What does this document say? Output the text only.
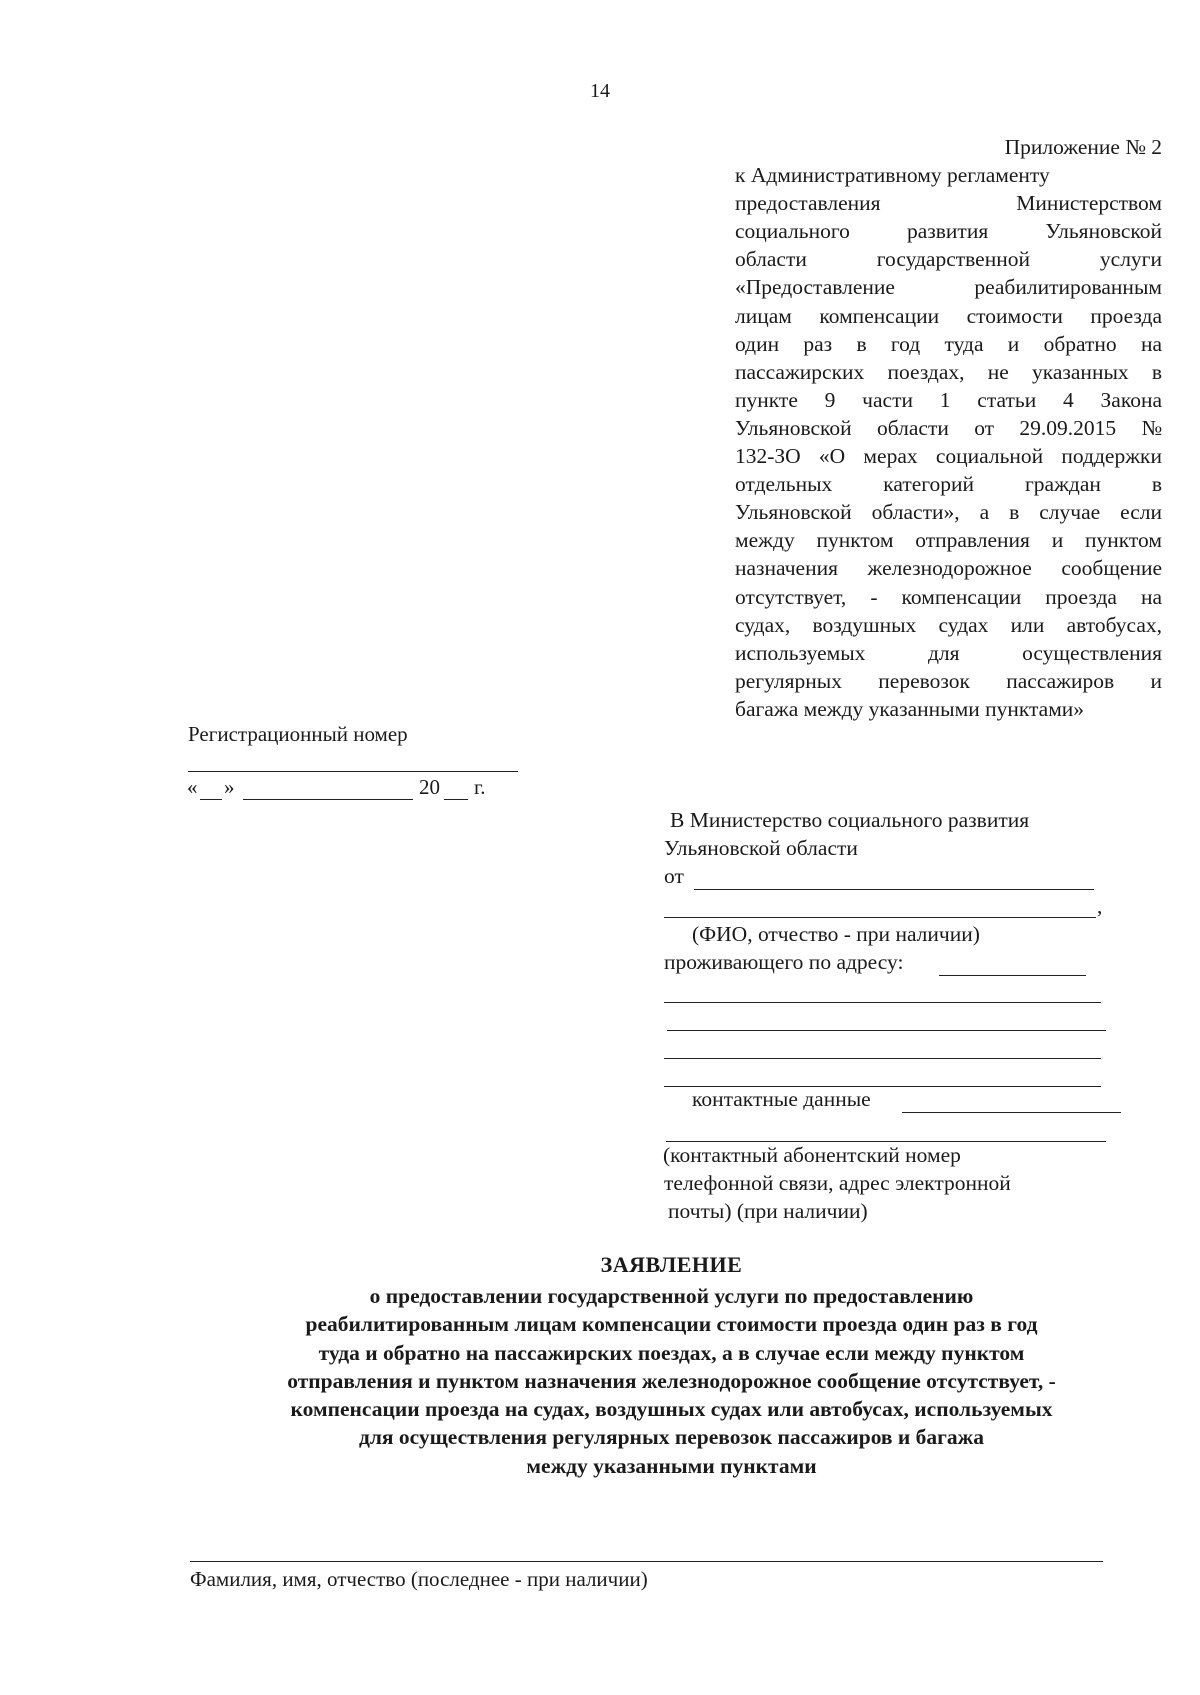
14
Приложение № 2
к Административному регламенту
предоставления Министерством
социального развития Ульяновской
области государственной услуги
«Предоставление реабилитированным
лицам компенсации стоимости проезда
один раз в год туда и обратно на
пассажирских поездах, не указанных в
пункте 9 части 1 статьи 4 Закона
Ульяновской области от 29.09.2015 №
132-ЗО «О мерах социальной поддержки
отдельных категорий граждан в
Ульяновской области», а в случае если
между пунктом отправления и пунктом
назначения железнодорожное сообщение
отсутствует, - компенсации проезда на
судах, воздушных судах или автобусах,
используемых для осуществления
регулярных перевозок пассажиров и
багажа между указанными пунктами»
Регистрационный номер
« »	20 г.
В Министерство социального развития
Ульяновской области
от
,
(ФИО, отчество - при наличии)
проживающего по адресу:
контактные данные
(контактный абонентский номер
телефонной связи, адрес электронной
почты) (при наличии)
ЗАЯВЛЕНИЕ
о предоставлении государственной услуги по предоставлению
реабилитированным лицам компенсации стоимости проезда один раз в год
туда и обратно на пассажирских поездах, а в случае если между пунктом
отправления и пунктом назначения железнодорожное сообщение отсутствует, -
компенсации проезда на судах, воздушных судах или автобусах, используемых
для осуществления регулярных перевозок пассажиров и багажа
между указанными пунктами
Фамилия, имя, отчество (последнее - при наличии)
